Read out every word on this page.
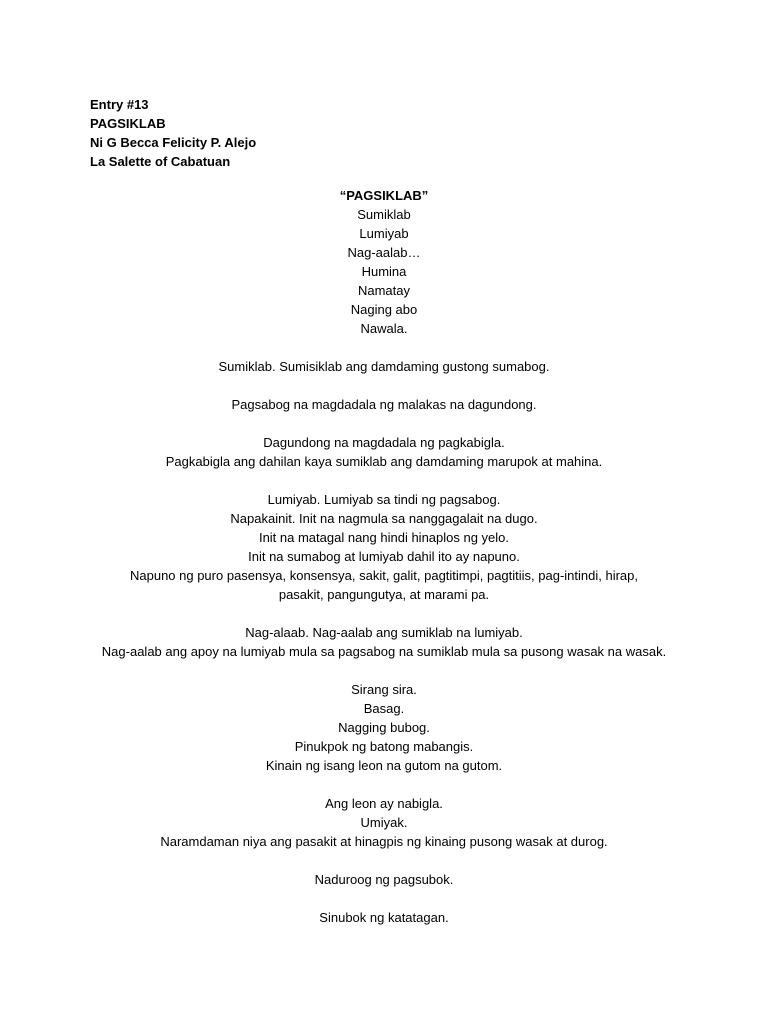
Entry #13
PAGSIKLAB
Ni G Becca Felicity P. Alejo
La Salette of Cabatuan
“PAGSIKLAB”
Sumiklab
Lumiyab
Nag-aalab…
Humina
Namatay
Naging abo
Nawala.
Sumiklab. Sumisiklab ang damdaming gustong sumabog.
Pagsabog na magdadala ng malakas na dagundong.
Dagundong na magdadala ng pagkabigla.
Pagkabigla ang dahilan kaya sumiklab ang damdaming marupok at mahina.
Lumiyab. Lumiyab sa tindi ng pagsabog.
Napakainit. Init na nagmula sa nanggagalait na dugo.
Init na matagal nang hindi hinaplos ng yelo.
Init na sumabog at lumiyab dahil ito ay napuno.
Napuno ng puro pasensya, konsensya, sakit, galit, pagtitimpi, pagtitiis, pag-intindi, hirap,
pasakit, pangungutya, at marami pa.
Nag-alaab. Nag-aalab ang sumiklab na lumiyab.
Nag-aalab ang apoy na lumiyab mula sa pagsabog na sumiklab mula sa pusong wasak na wasak.
Sirang sira.
Basag.
Nagging bubog.
Pinukpok ng batong mabangis.
Kinain ng isang leon na gutom na gutom.
Ang leon ay nabigla.
Umiyak.
Naramdaman niya ang pasakit at hinagpis ng kinaing pusong wasak at durog.
Naduroog ng pagsubok.
Sinubok ng katatagan.
